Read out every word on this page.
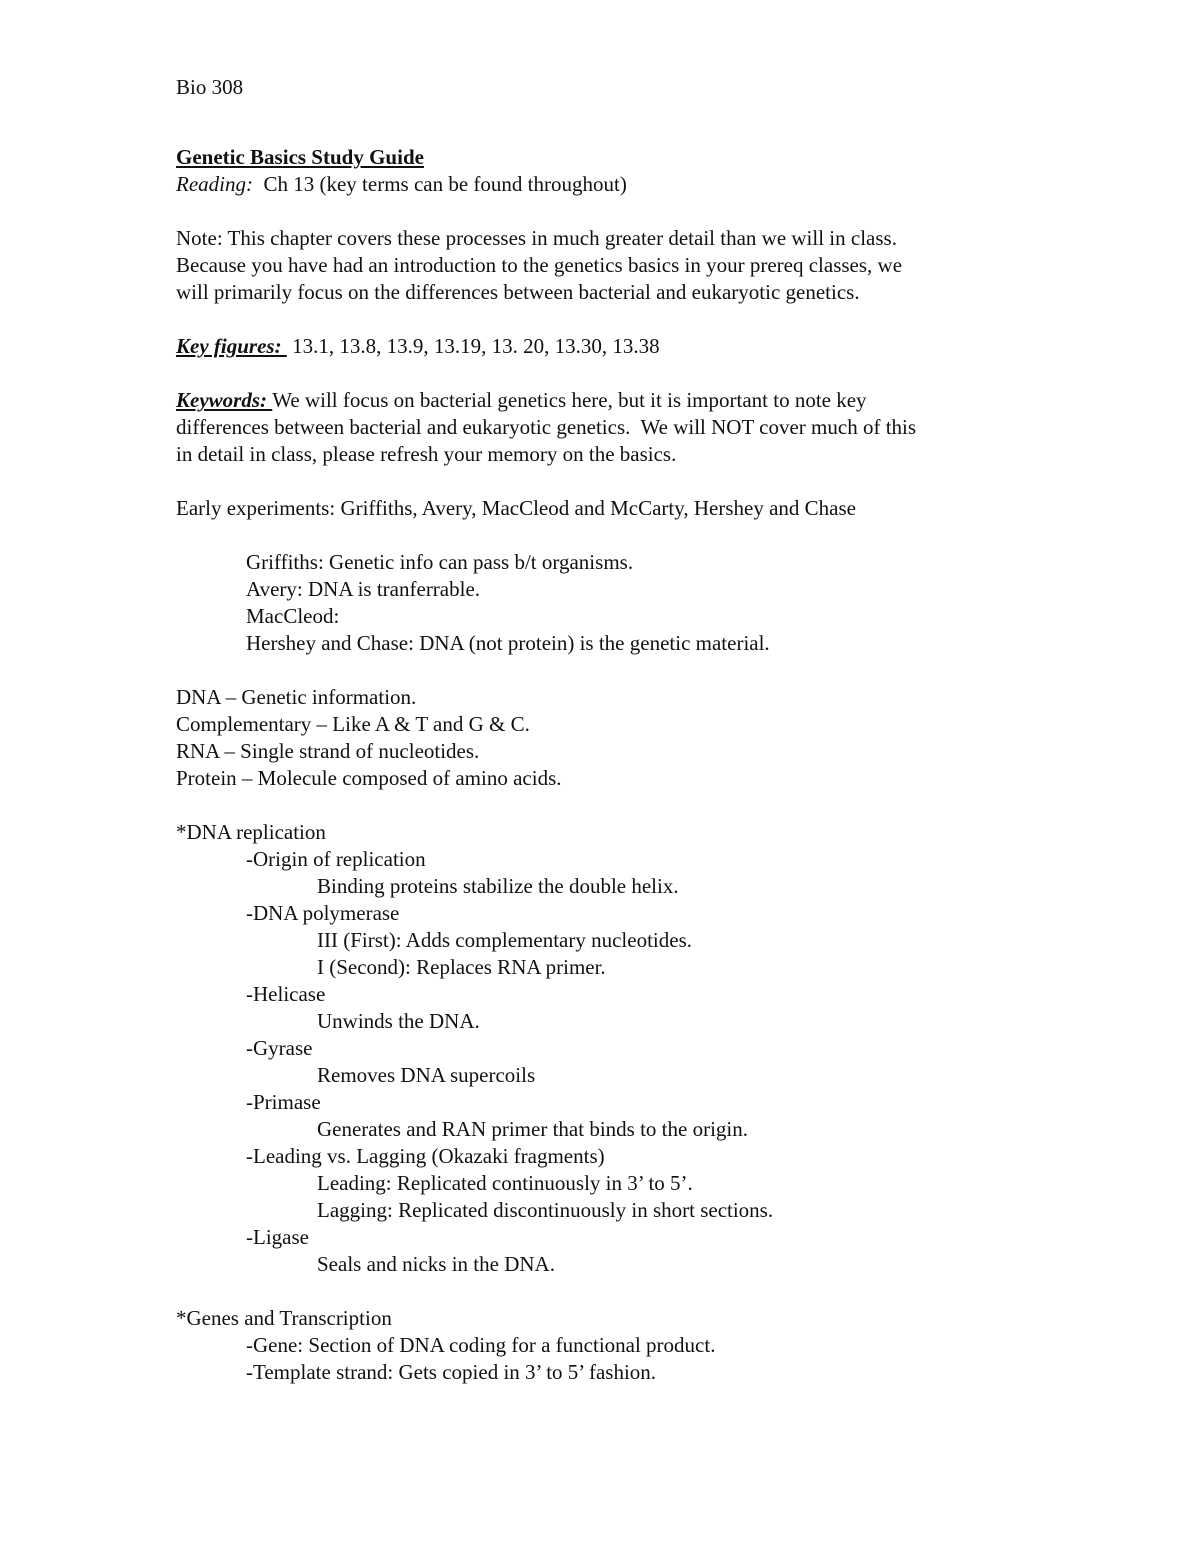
Bio 308

Genetic Basics Study Guide

Reading:  Ch 13 (key terms can be found throughout)

Note: This chapter covers these processes in much greater detail than we will in class.

Because you have had an introduction to the genetics basics in your prereq classes, we

will primarily focus on the differences between bacterial and eukaryotic genetics.

Key figures:  13.1, 13.8, 13.9, 13.19, 13. 20, 13.30, 13.38

Keywords: We will focus on bacterial genetics here, but it is important to note key

differences between bacterial and eukaryotic genetics.  We will NOT cover much of this

in detail in class, please refresh your memory on the basics.

Early experiments: Griffiths, Avery, MacCleod and McCarty, Hershey and Chase

Griffiths: Genetic info can pass b/t organisms.

Avery: DNA is tranferrable.

MacCleod:

Hershey and Chase: DNA (not protein) is the genetic material.

DNA – Genetic information.

Complementary – Like A & T and G & C.

RNA – Single strand of nucleotides.

Protein – Molecule composed of amino acids.

*DNA replication

-Origin of replication

Binding proteins stabilize the double helix.

-DNA polymerase

III (First): Adds complementary nucleotides.

I (Second): Replaces RNA primer.

-Helicase

Unwinds the DNA.

-Gyrase

Removes DNA supercoils

-Primase

Generates and RAN primer that binds to the origin.

-Leading vs. Lagging (Okazaki fragments)

Leading: Replicated continuously in 3’ to 5’.

Lagging: Replicated discontinuously in short sections.

-Ligase

Seals and nicks in the DNA.

*Genes and Transcription

-Gene: Section of DNA coding for a functional product.

-Template strand: Gets copied in 3’ to 5’ fashion.
